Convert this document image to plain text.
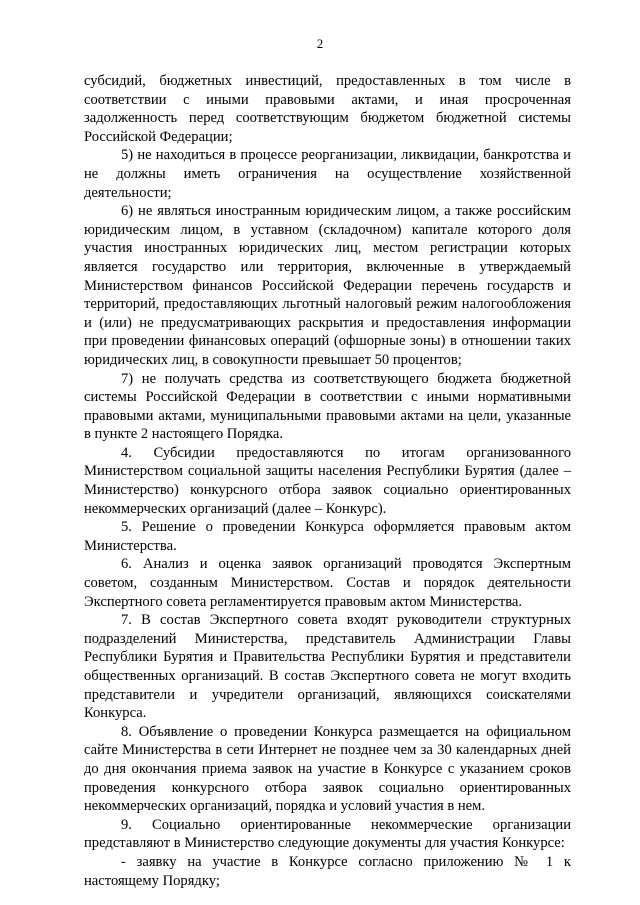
2

субсидий, бюджетных инвестиций, предоставленных в том числе в соответствии с иными правовыми актами, и иная просроченная задолженность перед соответствующим бюджетом бюджетной системы Российской Федерации;

5) не находиться в процессе реорганизации, ликвидации, банкротства и не должны иметь ограничения на осуществление хозяйственной деятельности;

6) не являться иностранным юридическим лицом, а также российским юридическим лицом, в уставном (складочном) капитале которого доля участия иностранных юридических лиц, местом регистрации которых является государство или территория, включенные в утверждаемый Министерством финансов Российской Федерации перечень государств и территорий, предоставляющих льготный налоговый режим налогообложения и (или) не предусматривающих раскрытия и предоставления информации при проведении финансовых операций (офшорные зоны) в отношении таких юридических лиц, в совокупности превышает 50 процентов;

7) не получать средства из соответствующего бюджета бюджетной системы Российской Федерации в соответствии с иными нормативными правовыми актами, муниципальными правовыми актами на цели, указанные в пункте 2 настоящего Порядка.

4. Субсидии предоставляются по итогам организованного Министерством социальной защиты населения Республики Бурятия (далее – Министерство) конкурсного отбора заявок социально ориентированных некоммерческих организаций (далее – Конкурс).

5. Решение о проведении Конкурса оформляется правовым актом Министерства.

6. Анализ и оценка заявок организаций проводятся Экспертным советом, созданным Министерством. Состав и порядок деятельности Экспертного совета регламентируется правовым актом Министерства.

7. В состав Экспертного совета входят руководители структурных подразделений Министерства, представитель Администрации Главы Республики Бурятия и Правительства Республики Бурятия и представители общественных организаций. В состав Экспертного совета не могут входить представители и учредители организаций, являющихся соискателями Конкурса.

8. Объявление о проведении Конкурса размещается на официальном сайте Министерства в сети Интернет не позднее чем за 30 календарных дней до дня окончания приема заявок на участие в Конкурсе с указанием сроков проведения конкурсного отбора заявок социально ориентированных некоммерческих организаций, порядка и условий участия в нем.

9. Социально ориентированные некоммерческие организации представляют в Министерство следующие документы для участия Конкурсе:

- заявку на участие в Конкурсе согласно приложению № 1 к настоящему Порядку;
